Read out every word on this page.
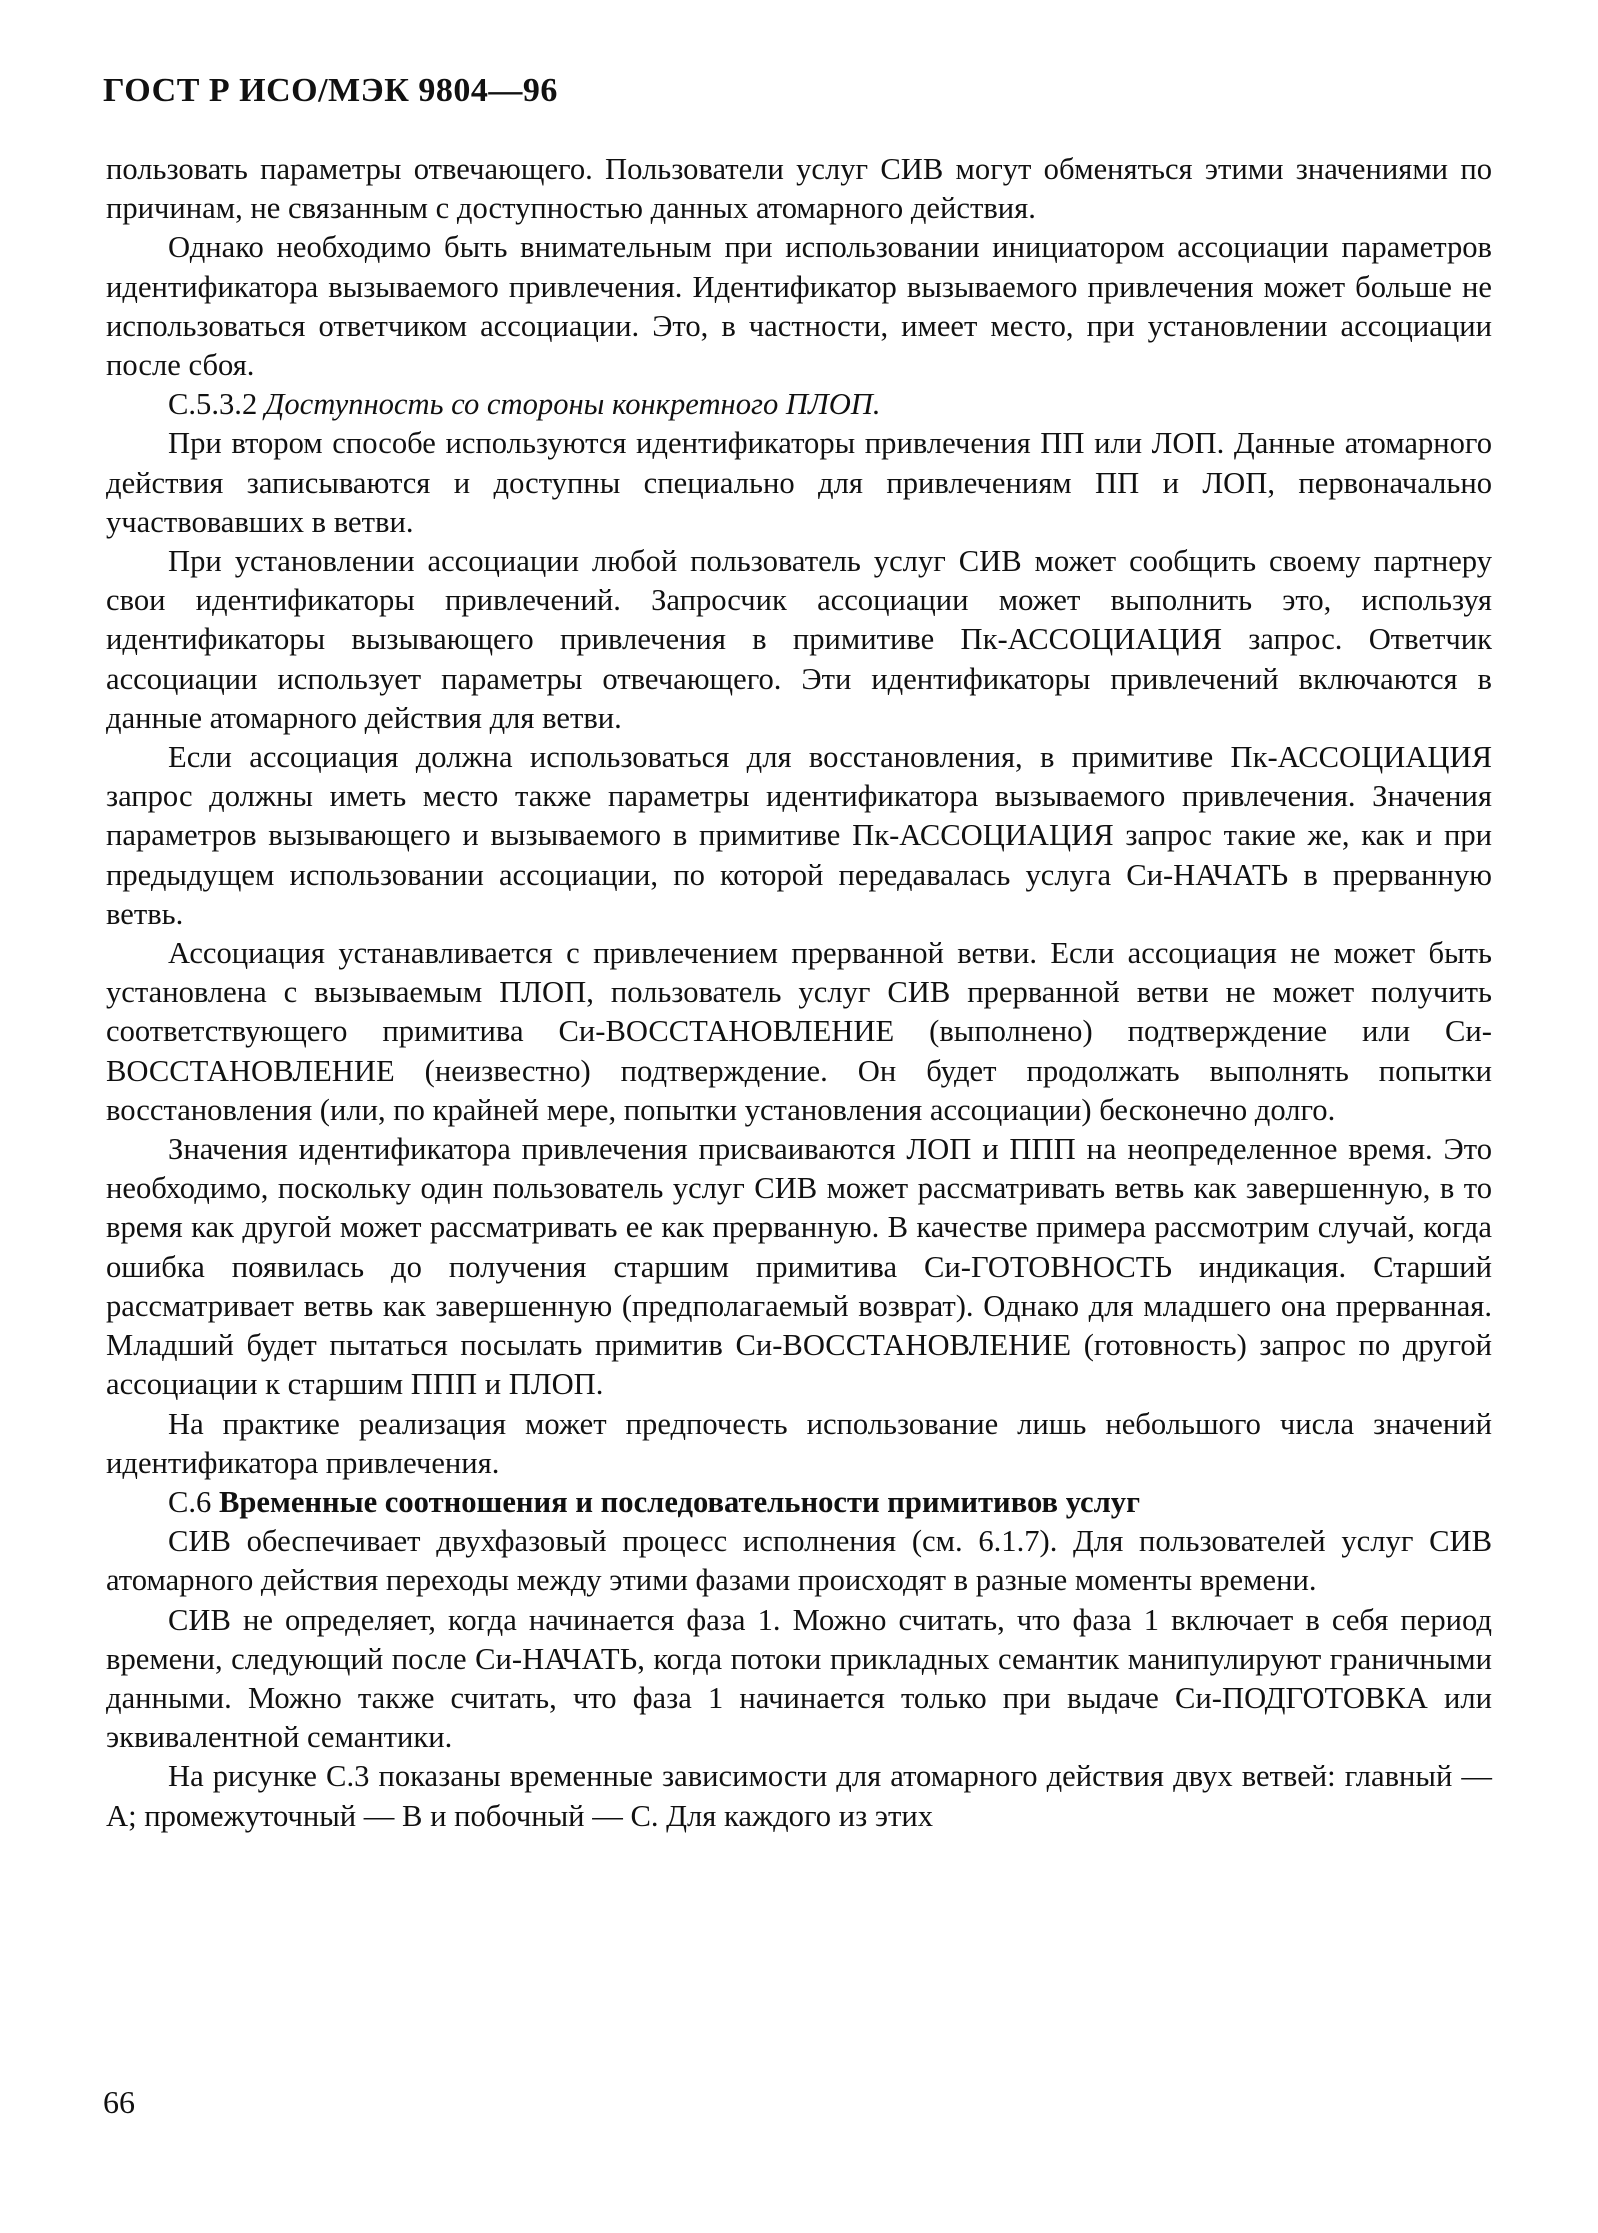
ГОСТ Р ИСО/МЭК 9804—96

пользовать параметры отвечающего. Пользователи услуг СИВ могут обменяться этими значениями по причинам, не связанным с доступностью данных атомарного действия.

Однако необходимо быть внимательным при использовании инициатором ассоциации параметров идентификатора вызываемого привлечения. Идентификатор вызываемого привлечения может больше не использоваться ответчиком ассоциации. Это, в частности, имеет место, при установлении ассоциации после сбоя.

С.5.3.2 Доступность со стороны конкретного ПЛОП.

При втором способе используются идентификаторы привлечения ПП или ЛОП. Данные атомарного действия записываются и доступны специально для привлечениям ПП и ЛОП, первоначально участвовавших в ветви.

При установлении ассоциации любой пользователь услуг СИВ может сообщить своему партнеру свои идентификаторы привлечений. Запросчик ассоциации может выполнить это, используя идентификаторы вызывающего привлечения в примитиве Пк-АССОЦИАЦИЯ запрос. Ответчик ассоциации использует параметры отвечающего. Эти идентификаторы привлечений включаются в данные атомарного действия для ветви.

Если ассоциация должна использоваться для восстановления, в примитиве Пк-АССОЦИАЦИЯ запрос должны иметь место также параметры идентификатора вызываемого привлечения. Значения параметров вызывающего и вызываемого в примитиве Пк-АССОЦИАЦИЯ запрос такие же, как и при предыдущем использовании ассоциации, по которой передавалась услуга Си-НАЧАТЬ в прерванную ветвь.

Ассоциация устанавливается с привлечением прерванной ветви. Если ассоциация не может быть установлена с вызываемым ПЛОП, пользователь услуг СИВ прерванной ветви не может получить соответствующего примитива Си-ВОССТАНОВЛЕНИЕ (выполнено) подтверждение или Си-ВОССТАНОВЛЕНИЕ (неизвестно) подтверждение. Он будет продолжать выполнять попытки восстановления (или, по крайней мере, попытки установления ассоциации) бесконечно долго.

Значения идентификатора привлечения присваиваются ЛОП и ППП на неопределенное время. Это необходимо, поскольку один пользователь услуг СИВ может рассматривать ветвь как завершенную, в то время как другой может рассматривать ее как прерванную. В качестве примера рассмотрим случай, когда ошибка появилась до получения старшим примитива Си-ГОТОВНОСТЬ индикация. Старший рассматривает ветвь как завершенную (предполагаемый возврат). Однако для младшего она прерванная. Младший будет пытаться посылать примитив Си-ВОССТАНОВЛЕНИЕ (готовность) запрос по другой ассоциации к старшим ППП и ПЛОП.

На практике реализация может предпочесть использование лишь небольшого числа значений идентификатора привлечения.

С.6 Временные соотношения и последовательности примитивов услуг

СИВ обеспечивает двухфазовый процесс исполнения (см. 6.1.7). Для пользователей услуг СИВ атомарного действия переходы между этими фазами происходят в разные моменты времени.

СИВ не определяет, когда начинается фаза 1. Можно считать, что фаза 1 включает в себя период времени, следующий после Си-НАЧАТЬ, когда потоки прикладных семантик манипулируют граничными данными. Можно также считать, что фаза 1 начинается только при выдаче Си-ПОДГОТОВКА или эквивалентной семантики.

На рисунке С.3 показаны временные зависимости для атомарного действия двух ветвей: главный — А; промежуточный — В и побочный — С. Для каждого из этих

66
